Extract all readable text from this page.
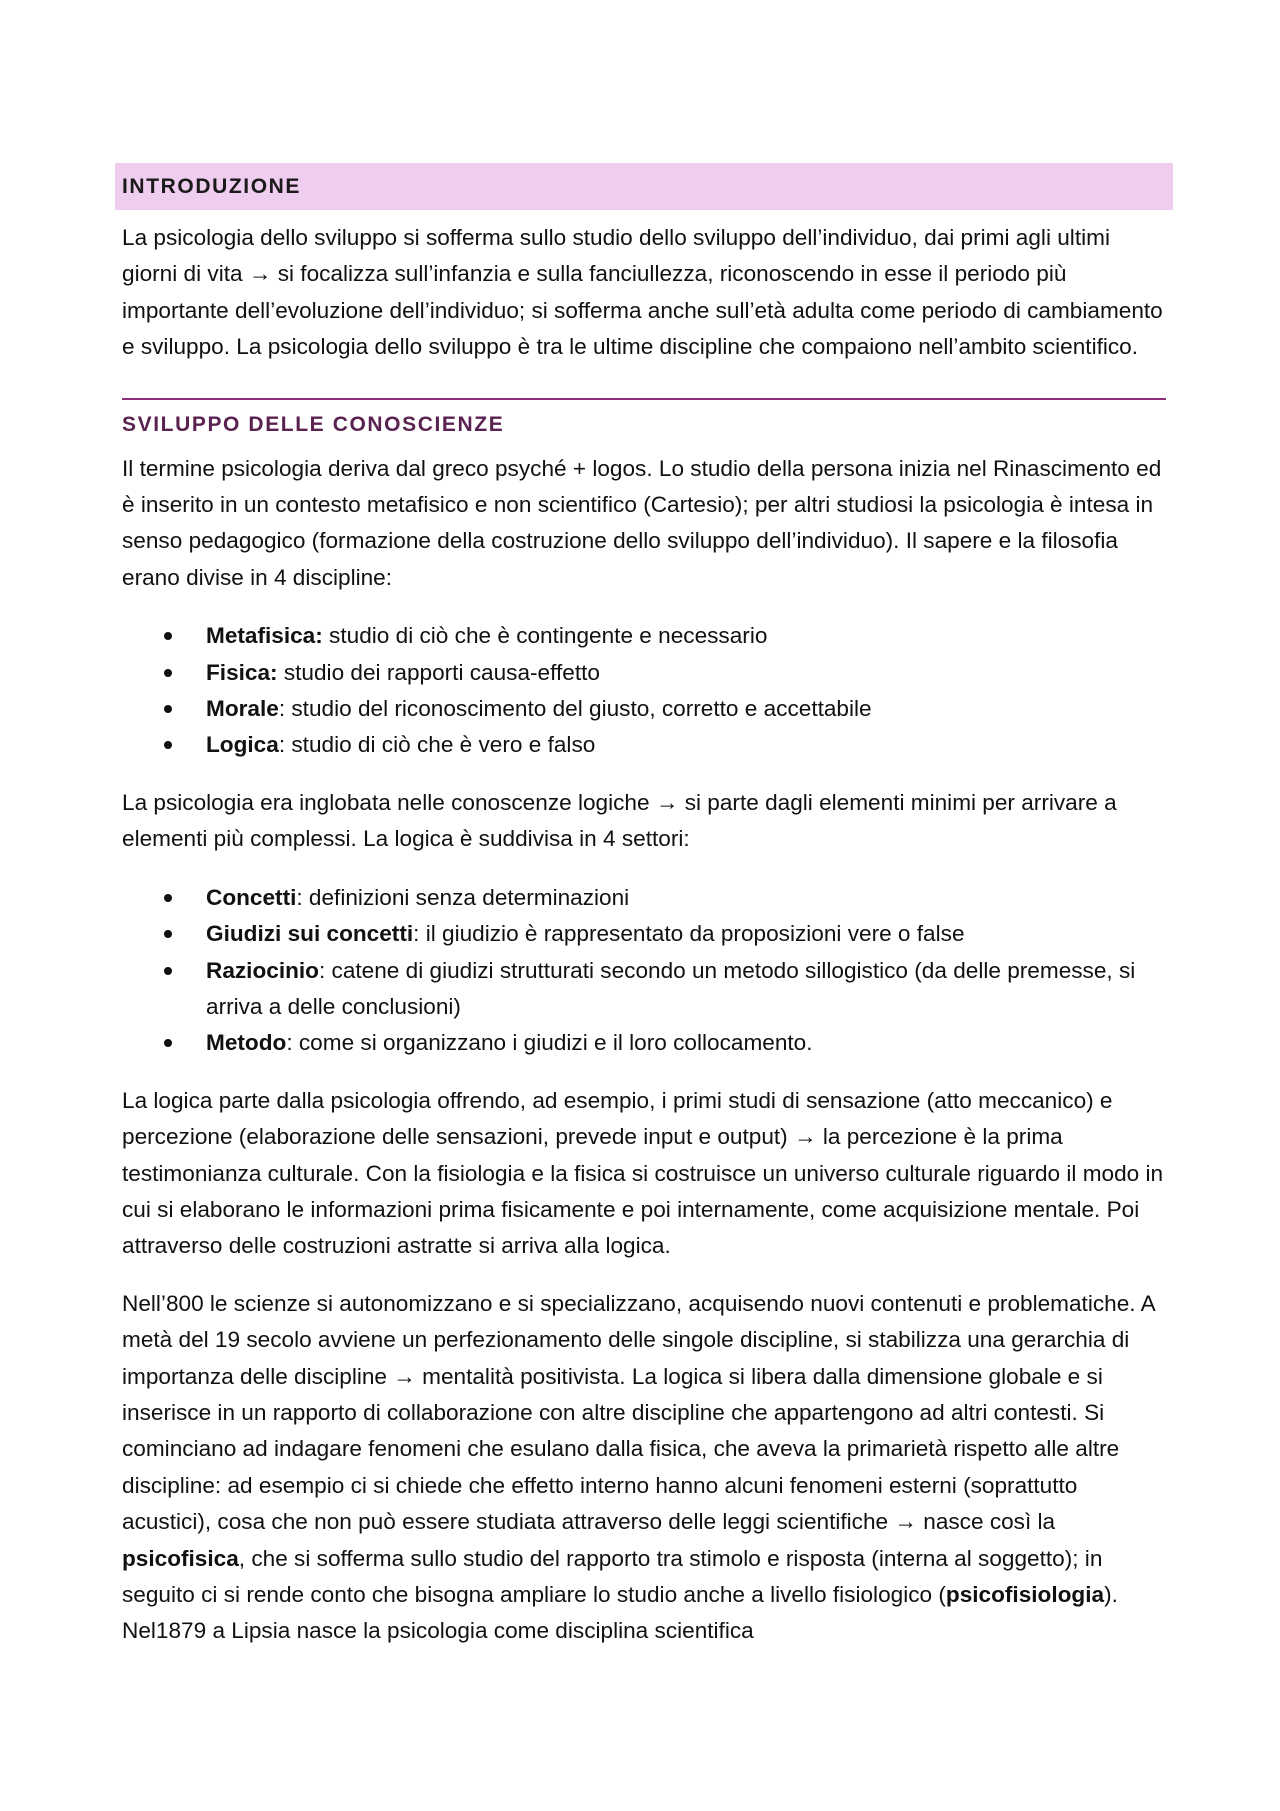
INTRODUZIONE

La psicologia dello sviluppo si sofferma sullo studio dello sviluppo dell’individuo, dai primi agli ultimi giorni di vita → si focalizza sull’infanzia e sulla fanciullezza, riconoscendo in esse il periodo più importante dell’evoluzione dell’individuo; si sofferma anche sull’età adulta come periodo di cambiamento e sviluppo. La psicologia dello sviluppo è tra le ultime discipline che compaiono nell’ambito scientifico.

SVILUPPO DELLE CONOSCIENZE

Il termine psicologia deriva dal greco psyché + logos. Lo studio della persona inizia nel Rinascimento ed è inserito in un contesto metafisico e non scientifico (Cartesio); per altri studiosi la psicologia è intesa in senso pedagogico (formazione della costruzione dello sviluppo dell’individuo). Il sapere e la filosofia erano divise in 4 discipline:

Metafisica: studio di ciò che è contingente e necessario
Fisica: studio dei rapporti causa-effetto
Morale: studio del riconoscimento del giusto, corretto e accettabile
Logica: studio di ciò che è vero e falso

La psicologia era inglobata nelle conoscenze logiche → si parte dagli elementi minimi per arrivare a elementi più complessi. La logica è suddivisa in 4 settori:

Concetti: definizioni senza determinazioni
Giudizi sui concetti: il giudizio è rappresentato da proposizioni vere o false
Raziocinio: catene di giudizi strutturati secondo un metodo sillogistico (da delle premesse, si arriva a delle conclusioni)
Metodo: come si organizzano i giudizi e il loro collocamento.

La logica parte dalla psicologia offrendo, ad esempio, i primi studi di sensazione (atto meccanico) e percezione (elaborazione delle sensazioni, prevede input e output) → la percezione è la prima testimonianza culturale. Con la fisiologia e la fisica si costruisce un universo culturale riguardo il modo in cui si elaborano le informazioni prima fisicamente e poi internamente, come acquisizione mentale. Poi attraverso delle costruzioni astratte si arriva alla logica.

Nell’800 le scienze si autonomizzano e si specializzano, acquisendo nuovi contenuti e problematiche. A metà del 19 secolo avviene un perfezionamento delle singole discipline, si stabilizza una gerarchia di importanza delle discipline → mentalità positivista. La logica si libera dalla dimensione globale e si inserisce in un rapporto di collaborazione con altre discipline che appartengono ad altri contesti. Si cominciano ad indagare fenomeni che esulano dalla fisica, che aveva la primarietà rispetto alle altre discipline: ad esempio ci si chiede che effetto interno hanno alcuni fenomeni esterni (soprattutto acustici), cosa che non può essere studiata attraverso delle leggi scientifiche → nasce così la psicofisica, che si sofferma sullo studio del rapporto tra stimolo e risposta (interna al soggetto); in seguito ci si rende conto che bisogna ampliare lo studio anche a livello fisiologico (psicofisiologia). Nel1879 a Lipsia nasce la psicologia come disciplina scientifica
